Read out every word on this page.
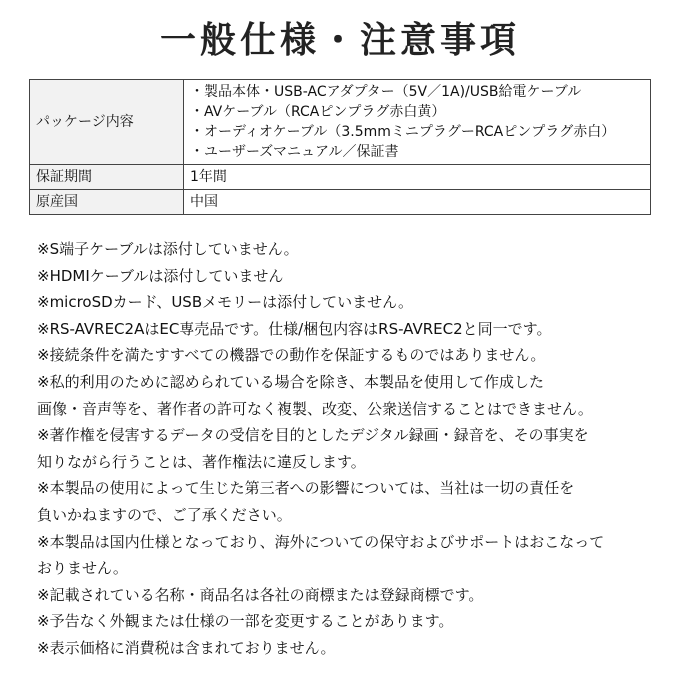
一般仕様・注意事項
パッケージ内容	・製品本体・USB-ACアダプター（5V／1A)/USB給電ケーブル
・AVケーブル（RCAピンプラグ赤白黄）
・オーディオケーブル（3.5mmミニプラグーRCAピンプラグ赤白）
・ユーザーズマニュアル／保証書

保証期間	1年間
原産国	中国
※S端子ケーブルは添付していません。
※HDMIケーブルは添付していません
※microSDカード、USBメモリーは添付していません。
※RS-AVREC2AはEC専売品です。仕様/梱包内容はRS-AVREC2と同一です。
※接続条件を満たすすべての機器での動作を保証するものではありません。
※私的利用のために認められている場合を除き、本製品を使用して作成した
画像・音声等を、著作者の許可なく複製、改変、公衆送信することはできません。
※著作権を侵害するデータの受信を目的としたデジタル録画・録音を、その事実を
知りながら行うことは、著作権法に違反します。
※本製品の使用によって生じた第三者への影響については、当社は一切の責任を
負いかねますので、ご了承ください。
※本製品は国内仕様となっており、海外についての保守およびサポートはおこなって
おりません。
※記載されている名称・商品名は各社の商標または登録商標です。
※予告なく外観または仕様の一部を変更することがあります。
※表示価格に消費税は含まれておりません。
